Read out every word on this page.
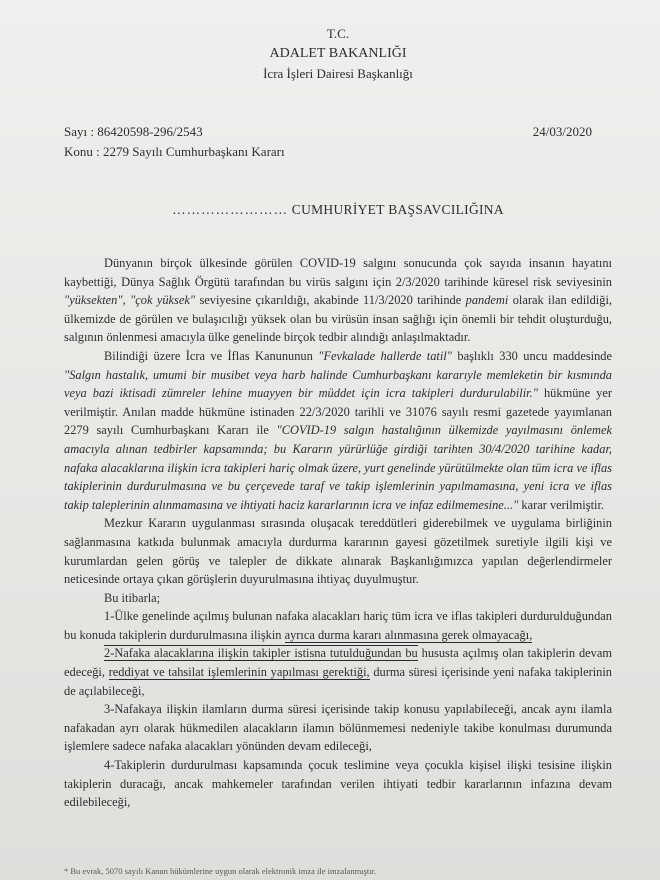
T.C.
ADALET BAKANLIĞI
İcra İşleri Dairesi Başkanlığı
Sayı : 86420598-296/2543
Konu : 2279 Sayılı Cumhurbaşkanı Kararı
24/03/2020
…………………… CUMHURİYET BAŞSAVCILIĞINA

Dünyanın birçok ülkesinde görülen COVID-19 salgını sonucunda çok sayıda insanın hayatını kaybettiği, Dünya Sağlık Örgütü tarafından bu virüs salgını için 2/3/2020 tarihinde küresel risk seviyesinin "yüksekten", "çok yüksek" seviyesine çıkarıldığı, akabinde 11/3/2020 tarihinde pandemi olarak ilan edildiği, ülkemizde de görülen ve bulaşıcılığı yüksek olan bu virüsün insan sağlığı için önemli bir tehdit oluşturduğu, salgının önlenmesi amacıyla ülke genelinde birçok tedbir alındığı anlaşılmaktadır.

Bilindiği üzere İcra ve İflas Kanununun "Fevkalade hallerde tatil" başlıklı 330 uncu maddesinde "Salgın hastalık, umumi bir musibet veya harb halinde Cumhurbaşkanı kararıyle memleketin bir kısmında veya bazi iktisadi zümreler lehine muayyen bir müddet için icra takipleri durdurulabilir." hükmüne yer verilmiştir. Anılan madde hükmüne istinaden 22/3/2020 tarihli ve 31076 sayılı resmi gazetede yayımlanan 2279 sayılı Cumhurbaşkanı Kararı ile "COVID-19 salgın hastalığının ülkemizde yayılmasını önlemek amacıyla alınan tedbirler kapsamında; bu Kararın yürürlüğe girdiği tarihten 30/4/2020 tarihine kadar, nafaka alacaklarına ilişkin icra takipleri hariç olmak üzere, yurt genelinde yürütülmekte olan tüm icra ve iflas takiplerinin durdurulmasına ve bu çerçevede taraf ve takip işlemlerinin yapılmamasına, yeni icra ve iflas takip taleplerinin alınmamasına ve ihtiyati haciz kararlarının icra ve infaz edilmemesine..." karar verilmiştir.

Mezkur Kararın uygulanması sırasında oluşacak tereddütleri giderebilmek ve uygulama birliğinin sağlanmasına katkıda bulunmak amacıyla durdurma kararının gayesi gözetilmek suretiyle ilgili kişi ve kurumlardan gelen görüş ve talepler de dikkate alınarak Başkanlığımızca yapılan değerlendirmeler neticesinde ortaya çıkan görüşlerin duyurulmasına ihtiyaç duyulmuştur.

Bu itibarla;

1-Ülke genelinde açılmış bulunan nafaka alacakları hariç tüm icra ve iflas takipleri durdurulduğundan bu konuda takiplerin durdurulmasına ilişkin ayrıca durma kararı alınmasına gerek olmayacağı,

2-Nafaka alacaklarına ilişkin takipler istisna tutulduğundan bu hususta açılmış olan takiplerin devam edeceği, reddiyat ve tahsilat işlemlerinin yapılması gerektiği, durma süresi içerisinde yeni nafaka takiplerinin de açılabileceği,

3-Nafakaya ilişkin ilamların durma süresi içerisinde takip konusu yapılabileceği, ancak aynı ilamla nafakadan ayrı olarak hükmedilen alacakların ilamın bölünmemesi nedeniyle takibe konulması durumunda işlemlere sadece nafaka alacakları yönünden devam edileceği,

4-Takiplerin durdurulması kapsamında çocuk teslimine veya çocukla kişisel ilişki tesisine ilişkin takiplerin duracağı, ancak mahkemeler tarafından verilen ihtiyati tedbir kararlarının infazına devam edilebileceği,

* Bu evrak, 5070 sayılı Kanun hükümlerine uygun olarak elektronik imza ile imzalanmıştır.
